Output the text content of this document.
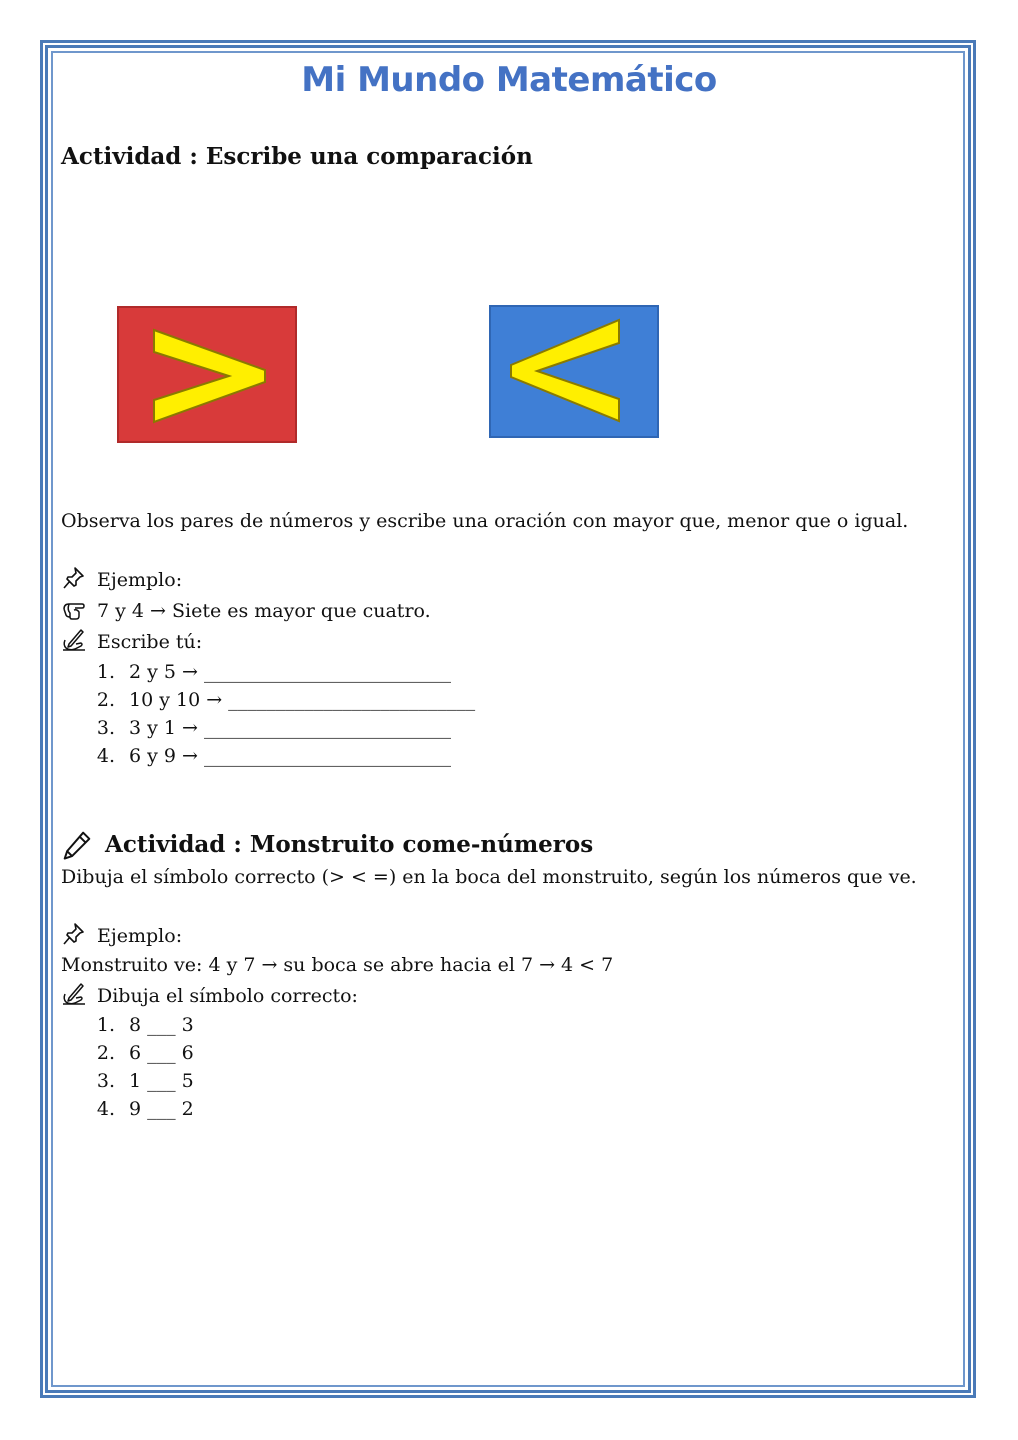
Mi Mundo Matemático
Actividad : Escribe una comparación
Observa los pares de números y escribe una oración con mayor que, menor que o igual.
Ejemplo:
7 y 4 → Siete es mayor que cuatro.
Escribe tú:
1. 2 y 5 → __________________________
2. 10 y 10 → __________________________
3. 3 y 1 → __________________________
4. 6 y 9 → __________________________
Actividad : Monstruito come-números
Dibuja el símbolo correcto (> < =) en la boca del monstruito, según los números que ve.
Ejemplo:
Monstruito ve: 4 y 7 → su boca se abre hacia el 7 → 4 < 7
Dibuja el símbolo correcto:
1. 8 ___ 3
2. 6 ___ 6
3. 1 ___ 5
4. 9 ___ 2
